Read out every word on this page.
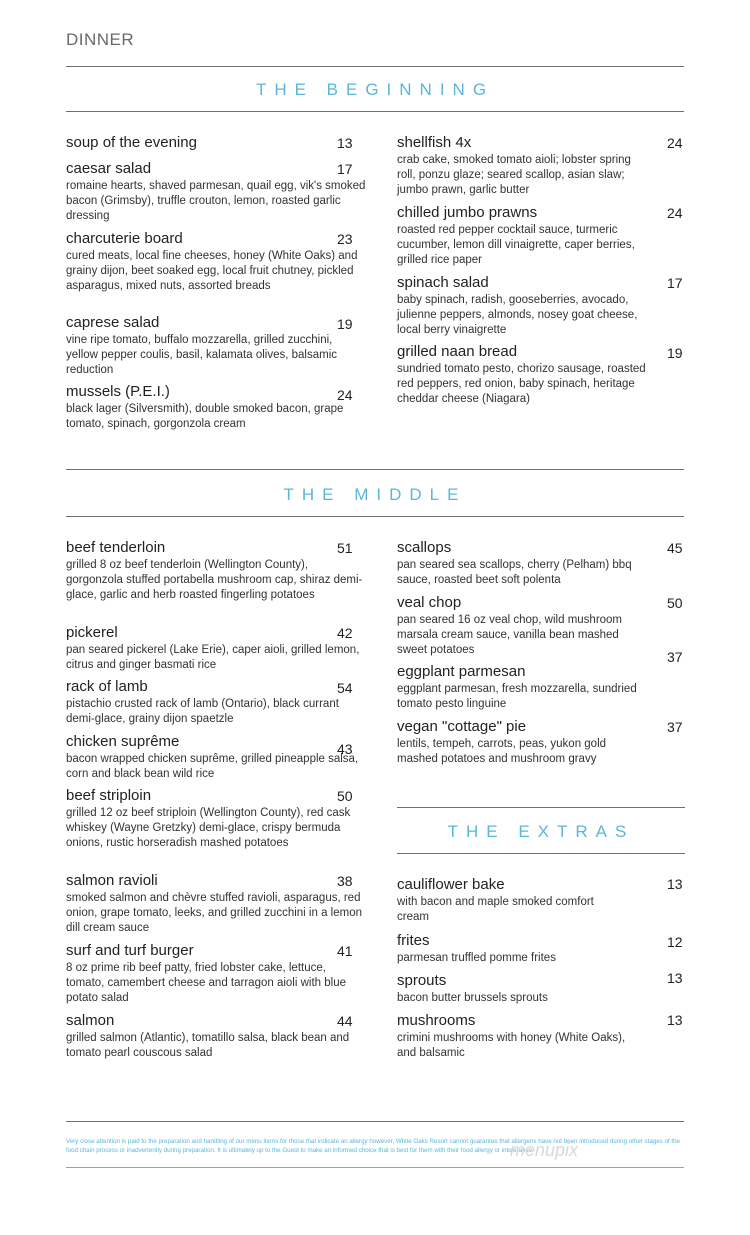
DINNER
THE BEGINNING
soup of the evening	13
caesar salad
romaine hearts, shaved parmesan, quail egg, vik's smoked bacon (Grimsby), truffle crouton, lemon, roasted garlic dressing
17
charcuterie board
cured meats, local fine cheeses, honey (White Oaks) and grainy dijon, beet soaked egg, local fruit chutney, pickled asparagus, mixed nuts, assorted breads
23
caprese salad
vine ripe tomato, buffalo mozzarella, grilled zucchini, yellow pepper coulis, basil, kalamata olives, balsamic reduction
19
mussels (P.E.I.)
black lager (Silversmith), double smoked bacon, grape tomato, spinach, gorgonzola cream
24
shellfish 4x
crab cake, smoked tomato aioli; lobster spring roll, ponzu glaze; seared scallop, asian slaw; jumbo prawn, garlic butter
24
chilled jumbo prawns
roasted red pepper cocktail sauce, turmeric cucumber, lemon dill vinaigrette, caper berries, grilled rice paper
24
spinach salad
baby spinach, radish, gooseberries, avocado, julienne peppers, almonds, nosey goat cheese, local berry vinaigrette
17
grilled naan bread
sundried tomato pesto, chorizo sausage, roasted red peppers, red onion, baby spinach, heritage cheddar cheese (Niagara)
19
THE MIDDLE
beef tenderloin
grilled 8 oz beef tenderloin (Wellington County), gorgonzola stuffed portabella mushroom cap, shiraz demi-glace, garlic and herb roasted fingerling potatoes
51
pickerel
pan seared pickerel (Lake Erie), caper aioli, grilled lemon, citrus and ginger basmati rice
42
rack of lamb
pistachio crusted rack of lamb (Ontario), black currant demi-glace, grainy dijon spaetzle
54
chicken suprême
bacon wrapped chicken suprême, grilled pineapple salsa, corn and black bean wild rice
43
beef striploin
grilled 12 oz beef striploin (Wellington County), red cask whiskey (Wayne Gretzky) demi-glace, crispy bermuda onions, rustic horseradish mashed potatoes
50
salmon ravioli
smoked salmon and chèvre stuffed ravioli, asparagus, red onion, grape tomato, leeks, and grilled zucchini in a lemon dill cream sauce
38
surf and turf burger
8 oz prime rib beef patty, fried lobster cake, lettuce, tomato, camembert cheese and tarragon aioli with blue potato salad
41
salmon
grilled salmon (Atlantic), tomatillo salsa, black bean and tomato pearl couscous salad
44
scallops
pan seared sea scallops, cherry (Pelham) bbq sauce, roasted beet soft polenta
45
veal chop
pan seared 16 oz veal chop, wild mushroom marsala cream sauce, vanilla bean mashed sweet potatoes
50
eggplant parmesan
eggplant parmesan, fresh mozzarella, sundried tomato pesto linguine
37
vegan "cottage" pie
lentils, tempeh, carrots, peas, yukon gold mashed potatoes and mushroom gravy
37
THE EXTRAS
cauliflower bake
with bacon and maple smoked comfort cream
13
frites
parmesan truffled pomme frites
12
sprouts
bacon butter brussels sprouts
13
mushrooms
crimini mushrooms with honey (White Oaks), and balsamic
13
Very close attention is paid to the preparation and handling of our menu items for those that indicate an allergy however, White Oaks Resort cannot guarantee that allergens have not been introduced during other stages of the food chain process or inadvertently during preparation. It is ultimately up to the Guest to make an informed choice that is best for them with their food allergy or intolerance.
menupix
